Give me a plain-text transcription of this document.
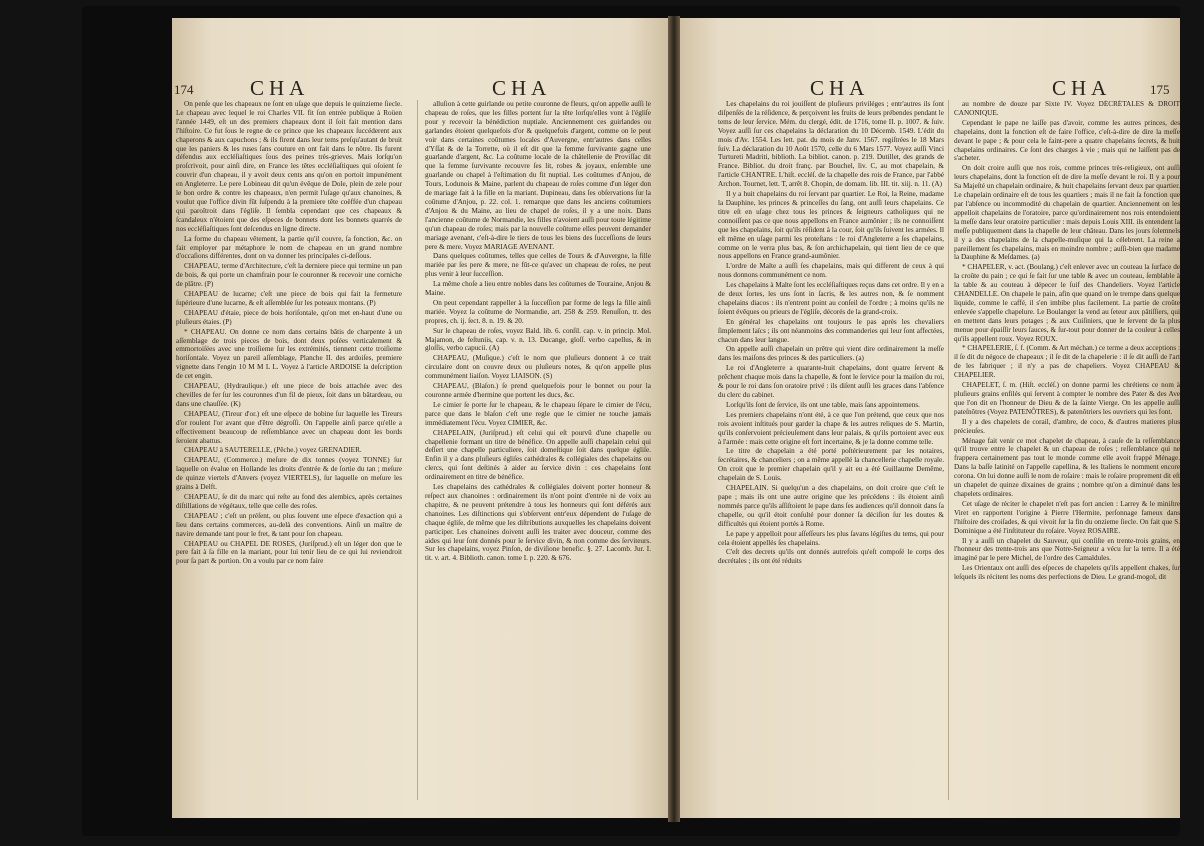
174	CHA	CHA

On penſe que les chapeaux ne ſont en uſage que depuis le quinzieme ſiecle. Le chapeau avec lequel le roi Charles VII. fit ſon entrée publique à Roüen l'année 1449, eſt un des premiers chapeaux dont il ſoit fait mention dans l'hiſtoire. Ce fut ſous le regne de ce prince que les chapeaux ſuccéderent aux chaperons & aux capuchons ; & ils firent dans leur tems preſqu'autant de bruit que les paniers & les ruses ſans couture en ont fait dans le nôtre. Ils furent défendus aux eccléſiaſtiques ſous des peines très-grieves. Mais lorſqu'on proſcrivoit, pour ainſi dire, en France les têtes eccléſiaſtiques qui oſoient ſe couvrir d'un chapeau, il y avoit deux cents ans qu'on en portoit impunément en Angleterre. Le pere Lobineau dit qu'un évêque de Dole, plein de zele pour le bon ordre & contre les chapeaux, n'en permit l'uſage qu'aux chanoines, & voulut que l'office divin fût ſuſpendu à la premiere tête coëffée d'un chapeau qui paroîtroit dans l'égliſe. Il ſembla cependant que ces chapeaux & ſcandaleux n'étoient que des eſpeces de bonnets dont les bonnets quarrés de nos eccléſiaſtiques ſont deſcendus en ligne directe.

La forme du chapeau vêtement, la partie qu'il couvre, ſa fonction, &c. on fait employer par métaphore le nom de chapeau en un grand nombre d'occaſions différentes, dont on va donner les principales ci-deſſous.

CHAPEAU, terme d'Architecture, c'eſt la derniere piece qui termine un pan de bois, & qui porte un chamfrain pour le couronner & recevoir une corniche de plâtre. (P)

CHAPEAU de lucarne; c'eſt une piece de bois qui fait la fermeture ſupérieure d'une lucarne, & eſt aſſemblée ſur les poteaux montans. (P)

CHAPEAU d'étaie, piece de bois horiſontale, qu'on met en-haut d'une ou pluſieurs étaies. (P)

* CHAPEAU. On donne ce nom dans certains bâtis de charpente à un aſſemblage de trois pieces de bois, dont deux poſées verticalement & emmortoiſées avec une troiſieme ſur les extrémités, tiennent cette troiſieme horiſontale. Voyez un pareil aſſemblage, Planche II. des ardoiſes, premiere vignette dans l'engin 10 M M L L. Voyez à l'article ARDOISE la deſcription de cet engin.

CHAPEAU, (Hydraulique.) eſt une piece de bois attachée avec des chevilles de fer ſur les couronnes d'un fil de pieux, ſoit dans un bâtardeau, ou dans une chauſſée. (K)

CHAPEAU, (Tireur d'or.) eſt une eſpece de bobine ſur laquelle les Tireurs d'or roulent l'or avant que d'être dégroſſi. On l'appelle ainſi parce qu'elle a effectivement beaucoup de reſſemblance avec un chapeau dont les bords ſeroient abattus.

CHAPEAU à SAUTERELLE, (Pêche.) voyez GRENADIER.

CHAPEAU, (Commerce.) meſure de dix tonnes (voyez TONNE) ſur laquelle on évalue en Hollande les droits d'entrée & de ſortie du tan ; meſure de quinze viertels d'Anvers (voyez VIERTELS), ſur laquelle on meſure les grains à Delft.

CHAPEAU, ſe dit du marc qui reſte au fond des alembics, après certaines diſtillations de végétaux, telle que celle des roſes.

CHAPEAU ; c'eſt un préſent, ou plus ſouvent une eſpece d'exaction qui a lieu dans certains commerces, au-delà des conventions. Ainſi un maître de navire demande tant pour le fret, & tant pour ſon chapeau.

CHAPEAU ou CHAPEL DE ROSES, (Juriſprud.) eſt un léger don que le pere fait à ſa fille en la mariant, pour lui tenir lieu de ce qui lui reviendroit pour ſa part & portion. On a voulu par ce nom faire

alluſion à cette guirlande ou petite couronne de fleurs, qu'on appelle auſſi le chapeau de roſes, que les filles portent ſur la tête lorſqu'elles vont à l'égliſe pour y recevoir la bénédiction nuptiale. Anciennement ces guirlandes ou garlandes étoient quelquefois d'or & quelquefois d'argent, comme on le peut voir dans certaines coûtumes locales d'Auvergne, entr'autres dans celles d'Yſſat & de la Torrette, où il eſt dit que la femme ſurvivante gagne une guarlande d'argent, &c. La coûtume locale de la châtellenie de Proviſſac dit que la femme ſurvivante recouvre ſes lit, robes & joyaux, enſemble une guarlande ou chapel à l'eſtimation du fit nuptial. Les coûtumes d'Anjou, de Tours, Lodunois & Maine, parlent du chapeau de roſes comme d'un léger don de mariage fait à la fille en la mariant. Dupineau, dans ſes obſervations ſur la coûtume d'Anjou, p. 22. col. 1. remarque que dans les anciens coûtumiers d'Anjou & du Maine, au lieu de chapel de roſes, il y a une noix. Dans l'ancienne coûtume de Normandie, les filles n'avoient auſſi pour toute légitime qu'un chapeau de roſes; mais par la nouvelle coûtume elles peuvent demander mariage avenant, c'eſt-à-dire le tiers de tous les biens des ſucceſſions de leurs pere & mere. Voyez MARIAGE AVENANT.

Dans quelques coûtumes, telles que celles de Tours & d'Auvergne, la fille mariée par ſes pere & mere, ne fût-ce qu'avec un chapeau de roſes, ne peut plus venir à leur ſucceſſion.

La même choſe a lieu entre nobles dans les coûtumes de Touraine, Anjou & Maine.

On peut cependant rappeller à la ſucceſſion par forme de legs la fille ainſi mariée. Voyez la coûtume de Normandie, art. 258 & 259. Renuſſon, tr. des propres, ch. ij. ſect. 8. n. 19. & 20.

Sur le chapeau de roſes, voyez Bald. lib. 6. conſil. cap. v. in princip. Mol. Majamon, de feſtuniis, cap. v. n. 13. Ducange, gloſſ. verbo capellus, & in gloſſis, verbo capucii. (A)

CHAPEAU, (Muſique.) c'eſt le nom que pluſieurs donnent à ce trait circulaire dont on couvre deux ou pluſieurs notes, & qu'on appelle plus communément liaiſon. Voyez LIAISON. (S)

CHAPEAU, (Blaſon.) ſe prend quelquefois pour le bonnet ou pour la couronne armée d'hermine que portent les ducs, &c.

Le cimier ſe porte ſur le chapeau, & le chapeau ſépare le cimier de l'écu, parce que dans le blaſon c'eſt une regle que le cimier ne touche jamais immédiatement l'écu. Voyez CIMIER, &c.

CHAPELAIN, (Juriſprud.) eſt celui qui eſt pourvû d'une chapelle ou chapellenie formant un titre de bénéfice. On appelle auſſi chapelain celui qui deſſert une chapelle particuliere, ſoit domeſtique ſoit dans quelque égliſe. Enfin il y a dans pluſieurs égliſes cathédrales & collégiales des chapelains ou clercs, qui ſont deſtinés à aider au ſervice divin : ces chapelains ſont ordinairement en titre de bénéfice.

Les chapelains des cathédrales & collégiales doivent porter honneur & reſpect aux chanoines : ordinairement ils n'ont point d'entrée ni de voix au chapitre, & ne peuvent prétendre à tous les honneurs qui ſont déférés aux chanoines. Les diſtinctions qui s'obſervent entr'eux dépendent de l'uſage de chaque égliſe, de même que les diſtributions auxquelles les chapelains doivent participer. Les chanoines doivent auſſi les traiter avec douceur, comme des aides qui leur ſont donnés pour le ſervice divin, & non comme des ſerviteurs. Sur les chapelains, voyez Pinſon, de diviſione benefic. §. 27. Lacomb. Jur. I. tit. v. art. 4. Biblioth. canon. tome I. p. 220. & 676.

CHA	CHA	175

Les chapelains du roi jouiſſent de pluſieurs priviléges ; entr'autres ils ſont diſpenſés de la réſidence, & perçoivent les fruits de leurs prébendes pendant le tems de leur ſervice. Mém. du clergé, édit. de 1716, tome II. p. 1007. & ſuiv. Voyez auſſi ſur ces chapelains la déclaration du 10 Décemb. 1549. L'édit du mois d'Av. 1554. Les lett. pat. du mois de Janv. 1567. regiſtrées le 18 Mars ſuiv. La déclaration du 10 Août 1570, celle du 6 Mars 1577. Voyez auſſi Vinci Turtureti Madriti, biblioth. La bibliot. canon. p. 219. Dutillet, des grands de France. Bibliot. du droit franç. par Bouchel, liv. C, au mot chapelain, & l'article CHANTRE. L'hiſt. eccléſ. de la chapelle des rois de France, par l'abbé Archon. Tournet, lett. T, arrêt 8. Chopin, de domam. lib. III. tit. xiij. n. 11. (A)

Il y a huit chapelains du roi ſervant par quartier. Le Roi, la Reine, madame la Dauphine, les princes & princeſſes du ſang, ont auſſi leurs chapelains. Ce titre eſt en uſage chez tous les princes & ſeigneurs catholiques qui ne connoiſſent pas ce que nous appellons en France aumônier ; ils ne connoiſſent que les chapelains, ſoit qu'ils réſident à la cour, ſoit qu'ils ſuivent les armées. Il eſt même en uſage parmi les proteſtans : le roi d'Angleterre a ſes chapelains, comme on le verra plus bas, & ſon archichapelain, qui tient lieu de ce que nous appellons en France grand-aumônier.

L'ordre de Malte a auſſi ſes chapelains, mais qui different de ceux à qui nous donnons communément ce nom.

Les chapelains à Malte ſont les eccléſiaſtiques reçus dans cet ordre. Il y en a de deux ſortes, les uns ſont in ſacris, & les autres non, & ſe nomment chapelains diacos : ils n'entrent point au conſeil de l'ordre ; à moins qu'ils ne ſoient évêques ou prieurs de l'égliſe, décorés de la grand-croix.

En général les chapelains ont toujours le pas après les chevaliers ſimplement laïcs ; ils ont néanmoins des commanderies qui leur ſont affectées, chacun dans leur langue.

On appelle auſſi chapelain un prêtre qui vient dire ordinairement la meſſe dans les maiſons des princes & des particuliers. (a)

Le roi d'Angleterre a quarante-huit chapelains, dont quatre ſervent & prêchent chaque mois dans la chapelle, & font le ſervice pour la maiſon du roi, & pour le roi dans ſon oratoire privé : ils diſent auſſi les graces dans l'abſence du clerc du cabinet.

Lorſqu'ils ſont de ſervice, ils ont une table, mais ſans appointemens.

Les premiers chapelains n'ont été, à ce que l'on prétend, que ceux que nos rois avoient inſtitués pour garder la chape & les autres reliques de S. Martin, qu'ils conſervoient précieuſement dans leur palais, & qu'ils portoient avec eux à l'armée : mais cette origine eſt fort incertaine, & je la donne comme telle.

Le titre de chapelain a été porté poſtérieurement par les notaires, ſecrétaires, & chanceliers ; on a même appellé la chancellerie chapelle royale. On croit que le premier chapelain qu'il y ait eu a été Guillaume Demême, chapelain de S. Louis.

CHAPELAIN. Si quelqu'un a des chapelains, on doit croire que c'eſt le pape ; mais ils ont une autre origine que les précédens : ils étoient ainſi nommés parce qu'ils aſſiſtoient le pape dans ſes audiences qu'il donnoit dans ſa chapelle, ou qu'il étoit conſulté pour donner ſa déciſion ſur les doutes & difficultés qui étoient portés à Rome.

Le pape y appelloit pour aſſeſſeurs les plus ſavans légiſtes du tems, qui pour cela étoient appellés ſes chapelains.

C'eſt des decrets qu'ils ont donnés autrefois qu'eſt compoſé le corps des decrétales ; ils ont été réduits

au nombre de douze par Sixte IV. Voyez DÉCRÉTALES & DROIT CANONIQUE.

Cependant le pape ne laiſſe pas d'avoir, comme les autres princes, des chapelains, dont la fonction eſt de faire l'office, c'eſt-à-dire de dire la meſſe devant le pape ; & pour cela le faint-pere a quatre chapelains ſecrets, & huit chapelains ordinaires. Ce ſont des charges à vie ; mais qui ne laiſſent pas de s'acheter.

On doit croire auſſi que nos rois, comme princes très-religieux, ont auſſi leurs chapelains, dont la fonction eſt de dire la meſſe devant le roi. Il y a pour Sa Majeſté un chapelain ordinaire, & huit chapelains ſervant deux par quartier. Le chapelain ordinaire eſt de tous les quartiers ; mais il ne fait ſa fonction que par l'abſence ou incommodité du chapelain de quartier. Anciennement on les appelloit chapelains de l'oratoire, parce qu'ordinairement nos rois entendoient la meſſe dans leur oratoire particulier : mais depuis Louis XIII. ils entendent la meſſe publiquement dans la chapelle de leur château. Dans les jours ſolemnels il y a des chapelains de la chapelle-muſique qui la célebrent. La reine a pareillement ſes chapelains, mais en moindre nombre ; auſſi-bien que madame la Dauphine & Meſdames. (a)

* CHAPELER, v. act. (Boulang.) c'eſt enlever avec un couteau la ſurface de la croûte du pain ; ce qui ſe fait ſur une table & avec un couteau, ſemblable à la table & au couteau à dépecer le ſuif des Chandeliers. Voyez l'article CHANDELLE. On chapele le pain, afin que quand on le trempe dans quelque liquide, comme le caffé, il s'en imbibe plus facilement. La partie de croûte enlevée s'appelle chapelure. Le Boulanger la vend au ſeteur aux pâtiſſiers, qui en mettent dans leurs potages ; & aux Cuiſiniers, que le ſervent de la plus menue pour épaiſſir leurs ſauces, & ſur-tout pour donner de la couleur à celles qu'ils appellent roux. Voyez ROUX.

* CHAPELERIE, ſ. f. (Comm. & Art méchan.) ce terme a deux acceptions : il ſe dit du négoce de chapeaux ; il ſe dit de la chapelerie : il ſe dit auſſi de l'art de les fabriquer ; il n'y a pas de chapeliers. Voyez CHAPEAU & CHAPELIER.

CHAPELET, ſ. m. (Hiſt. eccléſ.) on donne parmi les chrétiens ce nom à pluſieurs grains enfilés qui ſervent à compter le nombre des Pater & des Ave que l'on dit en l'honneur de Dieu & de la ſainte Vierge. On les appelle auſſi pateſnôtres (Voyez PATENÔTRES), & patenôtriers les ouvriers qui les font.

Il y a des chapelets de corail, d'ambre, de coco, & d'autres matieres plus précieuſes.

Ménage fait venir ce mot chapelet de chapeau, à cauſe de la reſſemblance qu'il trouve entre le chapelet & un chapeau de roſes ; reſſemblance qui ne frappera certainement pas tout le monde comme elle avoit frappé Ménage. Dans la baſſe latinité on l'appelle capellina, & les Italiens le nomment encore corona. On lui donne auſſi le nom de roſaire : mais le roſaire proprement dit eſt un chapelet de quinze dixaines de grains ; nombre qu'on a diminué dans les chapelets ordinaires.

Cet uſage de réciter le chapelet n'eſt pas fort ancien : Larrey & le miniſtre Viret en rapportent l'origine à Pierre l'Hermite, perſonnage fameux dans l'hiſtoire des croiſades, & qui vivoit ſur la fin du onzieme ſiecle. On fait que S. Dominique a été l'inſtituteur du roſaire. Voyez ROSAIRE.

Il y a auſſi un chapelet du Sauveur, qui conſiſte en trente-trois grains, en l'honneur des trente-trois ans que Notre-Seigneur a vécu ſur la terre. Il a été imaginé par le pere Michel, de l'ordre des Camaldules.

Les Orientaux ont auſſi des eſpeces de chapelets qu'ils appellent chakes, ſur leſquels ils récitent les noms des perfections de Dieu. Le grand-mogol, dit
